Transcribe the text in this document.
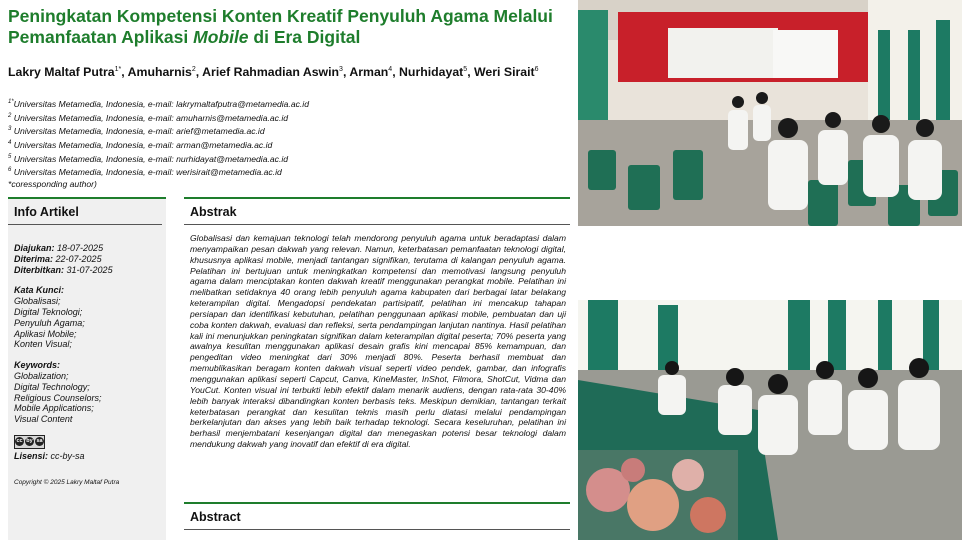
Peningkatan Kompetensi Konten Kreatif Penyuluh Agama Melalui Pemanfaatan Aplikasi Mobile di Era Digital
Lakry Maltaf Putra$^{1*}$, Amuharnis$^2$, Arief Rahmadian Aswin$^3$, Arman$^4$, Nurhidayat$^5$, Weri Sirait$^6$
$^{1*}$Universitas Metamedia, Indonesia, e-mail: lakrymaltafputra@metamedia.ac.id
$^2$ Universitas Metamedia, Indonesia, e-mail: amuharnis@metamedia.ac.id
$^3$ Universitas Metamedia, Indonesia, e-mail: arief@metamedia.ac.id
$^4$ Universitas Metamedia, Indonesia, e-mail: arman@metamedia.ac.id
$^5$ Universitas Metamedia, Indonesia, e-mail: nurhidayat@metamedia.ac.id
$^6$ Universitas Metamedia, Indonesia, e-mail: werisirait@metamedia.ac.id
*coressponding author)
Info Artikel
Diajukan: 18-07-2025
Diterima: 22-07-2025
Diterbitkan: 31-07-2025
Kata Kunci:
Globalisasi;
Digital Teknologi;
Penyuluh Agama;
Aplikasi Mobile;
Konten Visual;
Keywords:
Globalization;
Digital Technology;
Religious Counselors;
Mobile Applications;
Visual Content
cc by sa
Lisensi: cc-by-sa
Copyright © 2025 Lakry Maltaf Putra
Abstrak
Globalisasi dan kemajuan teknologi telah mendorong penyuluh agama untuk beradaptasi dalam menyampaikan pesan dakwah yang relevan. Namun, keterbatasan pemanfaatan teknologi digital, khususnya aplikasi mobile, menjadi tantangan signifikan, terutama di kalangan penyuluh agama. Pelatihan ini bertujuan untuk meningkatkan kompetensi dan memotivasi langsung penyuluh agama dalam menciptakan konten dakwah kreatif menggunakan perangkat mobile. Pelatihan ini melibatkan setidaknya 40 orang lebih penyuluh agama kabupaten dari berbagai latar belakang keterampilan digital. Mengadopsi pendekatan partisipatif, pelatihan ini mencakup tahapan persiapan dan identifikasi kebutuhan, pelatihan penggunaan aplikasi mobile, pembuatan dan uji coba konten dakwah, evaluasi dan refleksi, serta pendampingan lanjutan nantinya. Hasil pelatihan kali ini menunjukkan peningkatan signifikan dalam keterampilan digital peserta; 70% peserta yang awalnya kesulitan menggunakan aplikasi desain grafis kini mencapai 85% kemampuan, dan pengeditan video meningkat dari 30% menjadi 80%. Peserta berhasil membuat dan memublikasikan beragam konten dakwah visual seperti video pendek, gambar, dan infografis menggunakan aplikasi seperti Capcut, Canva, KineMaster, InShot, Filmora, ShotCut, Vidma dan YouCut. Konten visual ini terbukti lebih efektif dalam menarik audiens, dengan rata-rata 30-40% lebih banyak interaksi dibandingkan konten berbasis teks. Meskipun demikian, tantangan terkait keterbatasan perangkat dan kesulitan teknis masih perlu diatasi melalui pendampingan berkelanjutan dan akses yang lebih baik terhadap teknologi. Secara keseluruhan, pelatihan ini berhasil menjembatani kesenjangan digital dan menegaskan potensi besar teknologi dalam mendukung dakwah yang inovatif dan efektif di era digital.
Abstract
